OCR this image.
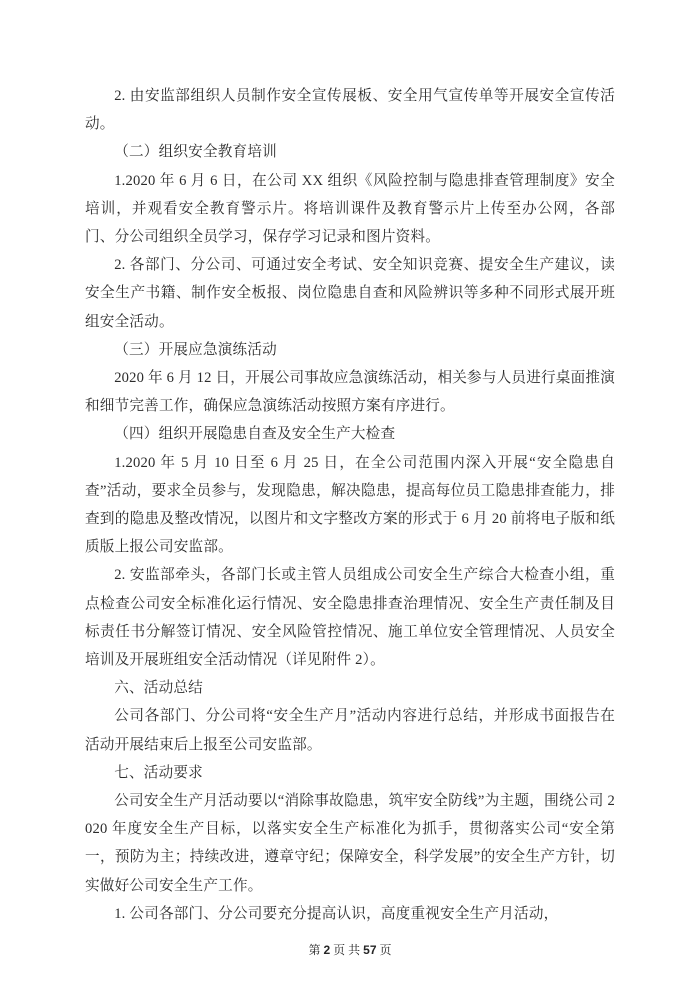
2. 由安监部组织人员制作安全宣传展板、安全用气宣传单等开展安全宣传活动。

（二）组织安全教育培训

1.2020 年 6 月 6 日，在公司 XX 组织《风险控制与隐患排查管理制度》安全培训，并观看安全教育警示片。将培训课件及教育警示片上传至办公网，各部门、分公司组织全员学习，保存学习记录和图片资料。

2. 各部门、分公司、可通过安全考试、安全知识竞赛、提安全生产建议，读安全生产书籍、制作安全板报、岗位隐患自查和风险辨识等多种不同形式展开班组安全活动。

（三）开展应急演练活动

2020 年 6 月 12 日，开展公司事故应急演练活动，相关参与人员进行桌面推演和细节完善工作，确保应急演练活动按照方案有序进行。

（四）组织开展隐患自查及安全生产大检查

1.2020 年 5 月 10 日至 6 月 25 日，在全公司范围内深入开展“安全隐患自查”活动，要求全员参与，发现隐患，解决隐患，提高每位员工隐患排查能力，排查到的隐患及整改情况，以图片和文字整改方案的形式于 6 月 20 前将电子版和纸质版上报公司安监部。

2. 安监部牵头，各部门长或主管人员组成公司安全生产综合大检查小组，重点检查公司安全标准化运行情况、安全隐患排查治理情况、安全生产责任制及目标责任书分解签订情况、安全风险管控情况、施工单位安全管理情况、人员安全培训及开展班组安全活动情况（详见附件 2）。

六、活动总结

公司各部门、分公司将“安全生产月”活动内容进行总结，并形成书面报告在活动开展结束后上报至公司安监部。

七、活动要求

公司安全生产月活动要以“消除事故隐患，筑牢安全防线”为主题，围绕公司 2020 年度安全生产目标，以落实安全生产标准化为抓手，贯彻落实公司“安全第一，预防为主；持续改进，遵章守纪；保障安全，科学发展”的安全生产方针，切实做好公司安全生产工作。

1. 公司各部门、分公司要充分提高认识，高度重视安全生产月活动，

第 2 页 共 57 页
